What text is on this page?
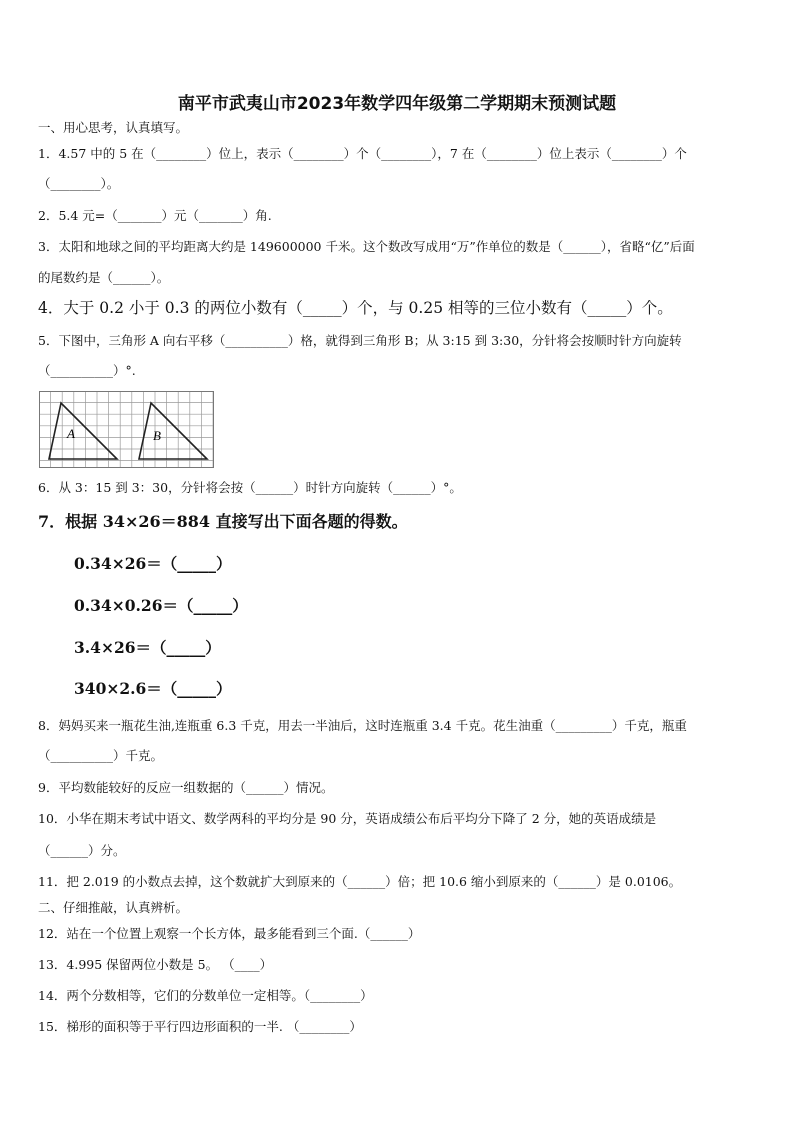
南平市武夷山市2023年数学四年级第二学期期末预测试题
一、用心思考，认真填写。
1．4.57 中的 5 在（________）位上，表示（________）个（________），7 在（________）位上表示（________）个
（________）。
2．5.4 元=（_______）元（_______）角.
3．太阳和地球之间的平均距离大约是 149600000 千米。这个数改写成用“万”作单位的数是（______），省略“亿”后面
的尾数约是（______）。
4．大于 0.2 小于 0.3 的两位小数有（_____）个，与 0.25 相等的三位小数有（_____）个。
5．下图中，三角形 A 向右平移（__________）格，就得到三角形 B；从 3:15 到 3:30，分针将会按顺时针方向旋转
（__________）°.
A	B
6．从 3：15 到 3：30，分针将会按（______）时针方向旋转（______）°。
7．根据 34×26＝884 直接写出下面各题的得数。
0.34×26＝（_____）
0.34×0.26＝（_____）
3.4×26＝（_____）
340×2.6＝（_____）
8．妈妈买来一瓶花生油,连瓶重 6.3 千克，用去一半油后，这时连瓶重 3.4 千克。花生油重（_________）千克，瓶重
（__________）千克。
9．平均数能较好的反应一组数据的（______）情况。
10．小华在期末考试中语文、数学两科的平均分是 90 分，英语成绩公布后平均分下降了 2 分，她的英语成绩是
（______）分。
11．把 2.019 的小数点去掉，这个数就扩大到原来的（______）倍；把 10.6 缩小到原来的（______）是 0.0106。
二、仔细推敲，认真辨析。
12．站在一个位置上观察一个长方体，最多能看到三个面.（______）
13．4.995 保留两位小数是 5。 （____）
14．两个分数相等，它们的分数单位一定相等。（________）
15．梯形的面积等于平行四边形面积的一半. （________）
